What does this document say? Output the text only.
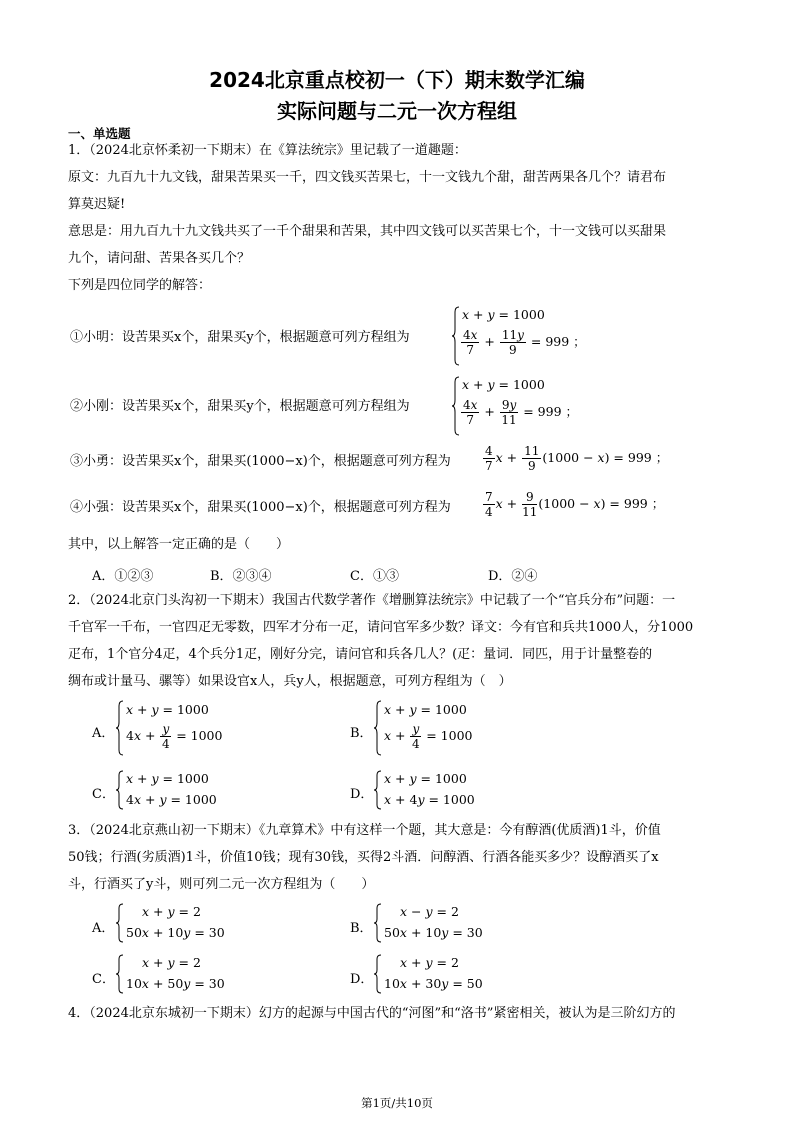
2024北京重点校初一（下）期末数学汇编
实际问题与二元一次方程组
一、单选题
1．（2024北京怀柔初一下期末）在《算法统宗》里记载了一道趣题：
原文：九百九十九文钱，甜果苦果买一千，四文钱买苦果七，十一文钱九个甜，甜苦两果各几个？请君布
算莫迟疑!
意思是：用九百九十九文钱共买了一千个甜果和苦果，其中四文钱可以买苦果七个，十一文钱可以买甜果
九个，请问甜、苦果各买几个？
下列是四位同学的解答：
①小明：设苦果买x个，甜果买y个，根据题意可列方程组为
x + y = 1000
$\frac{4x}{7} + \frac{11y}{9} = 999$ ；
②小刚：设苦果买x个，甜果买y个，根据题意可列方程组为
x + y = 1000
$\frac{4x}{7} + \frac{9y}{11} = 999$ ；
③小勇：设苦果买x个，甜果买(1000−x)个，根据题意可列方程为	$\frac{4}{7}$ $x + \frac{11}{9} (1000 - x) = 999$ ；
④小强：设苦果买x个，甜果买(1000−x)个，根据题意可列方程为	$\frac{7}{4}$ $x + \frac{9}{11} (1000 - x) = 999$ ；
其中，以上解答一定正确的是（　　）
A．①②③	B．②③④	C．①③	D．②④
2．（2024北京门头沟初一下期末）我国古代数学著作《增删算法统宗》中记载了一个“官兵分布”问题：一
千官军一千布，一官四疋无零数，四军才分布一疋，请问官军多少数？译文：今有官和兵共1000人，分1000
疋布，1个官分4疋，4个兵分1疋，刚好分完，请问官和兵各几人？(疋：量词．同匹，用于计量整卷的
绸布或计量马、骡等）如果设官x人，兵y人，根据题意，可列方程组为（　）
A．
x + y = 1000
$4x + \frac{y}{4} = 1000$	B．
x + y = 1000
$x + \frac{y}{4} = 1000$
C．
x + y = 1000
4x + y = 1000	D．
x + y = 1000
x + 4y = 1000
3．（2024北京燕山初一下期末）《九章算术》中有这样一个题，其大意是：今有醇酒(优质酒)1斗，价值
50钱；行酒(劣质酒)1斗，价值10钱；现有30钱，买得2斗酒．问醇酒、行酒各能买多少？设醇酒买了x
斗，行酒买了y斗，则可列二元一次方程组为（　　）
A．
x + y = 2
50x + 10y = 30	B．
x − y = 2
50x + 10y = 30
C．
x + y = 2
10x + 50y = 30	D．
x + y = 2
10x + 30y = 50
4．（2024北京东城初一下期末）幻方的起源与中国古代的“河图”和“洛书”紧密相关，被认为是三阶幻方的
第1页/共10页
